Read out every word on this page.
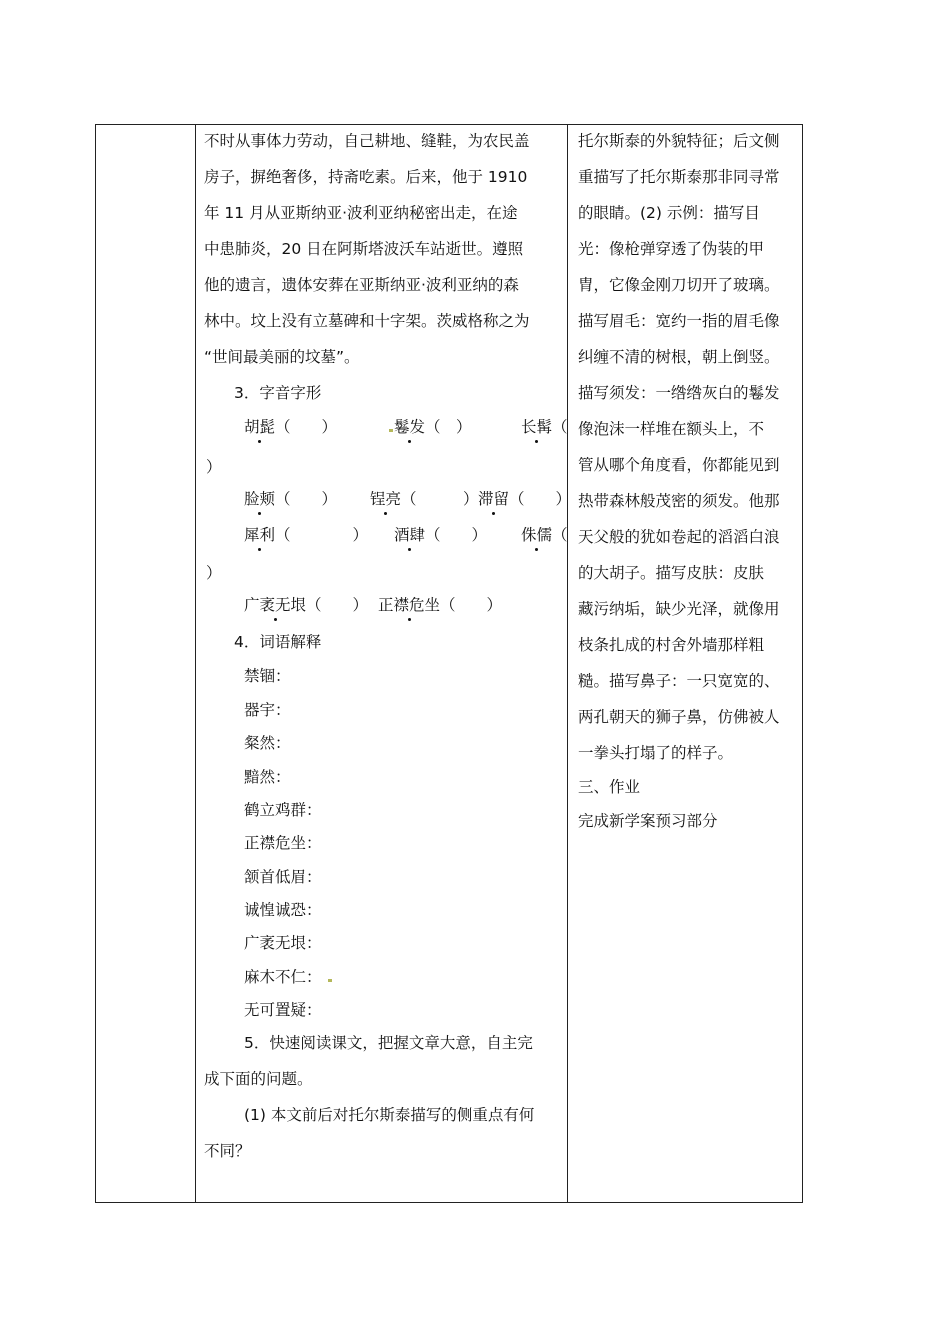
不时从事体力劳动，自己耕地、缝鞋，为农民盖
房子，摒绝奢侈，持斋吃素。后来，他于 1910
年 11 月从亚斯纳亚·波利亚纳秘密出走，在途
中患肺炎，20 日在阿斯塔波沃车站逝世。遵照
他的遗言，遗体安葬在亚斯纳亚·波利亚纳的森
林中。坟上没有立墓碑和十字架。茨威格称之为
“世间最美丽的坟墓”。
3．字音字形
胡髭（　　）	鬈发（　）	长髯（
）
脸颊（　　） 锃亮（　　　） 滞留（　　）
犀利（　　　　） 酒肆（　　） 侏儒（
）
广袤无垠（　　） 正襟危坐（　　）
4．词语解释
禁锢：
器宇：
粲然：
黯然：
鹤立鸡群：
正襟危坐：
颔首低眉：
诚惶诚恐：
广袤无垠：
麻木不仁：
无可置疑：
5．快速阅读课文，把握文章大意，自主完
成下面的问题。
(1) 本文前后对托尔斯泰描写的侧重点有何
不同？
托尔斯泰的外貌特征；后文侧
重描写了托尔斯泰那非同寻常
的眼睛。(2) 示例：描写目
光：像枪弹穿透了伪装的甲
胄，它像金刚刀切开了玻璃。
描写眉毛：宽约一指的眉毛像
纠缠不清的树根，朝上倒竖。
描写须发：一绺绺灰白的鬈发
像泡沫一样堆在额头上，不
管从哪个角度看，你都能见到
热带森林般茂密的须发。他那
天父般的犹如卷起的滔滔白浪
的大胡子。描写皮肤：皮肤
藏污纳垢，缺少光泽，就像用
枝条扎成的村舍外墙那样粗
糙。描写鼻子：一只宽宽的、
两孔朝天的狮子鼻，仿佛被人
一拳头打塌了的样子。
三、作业
完成新学案预习部分
